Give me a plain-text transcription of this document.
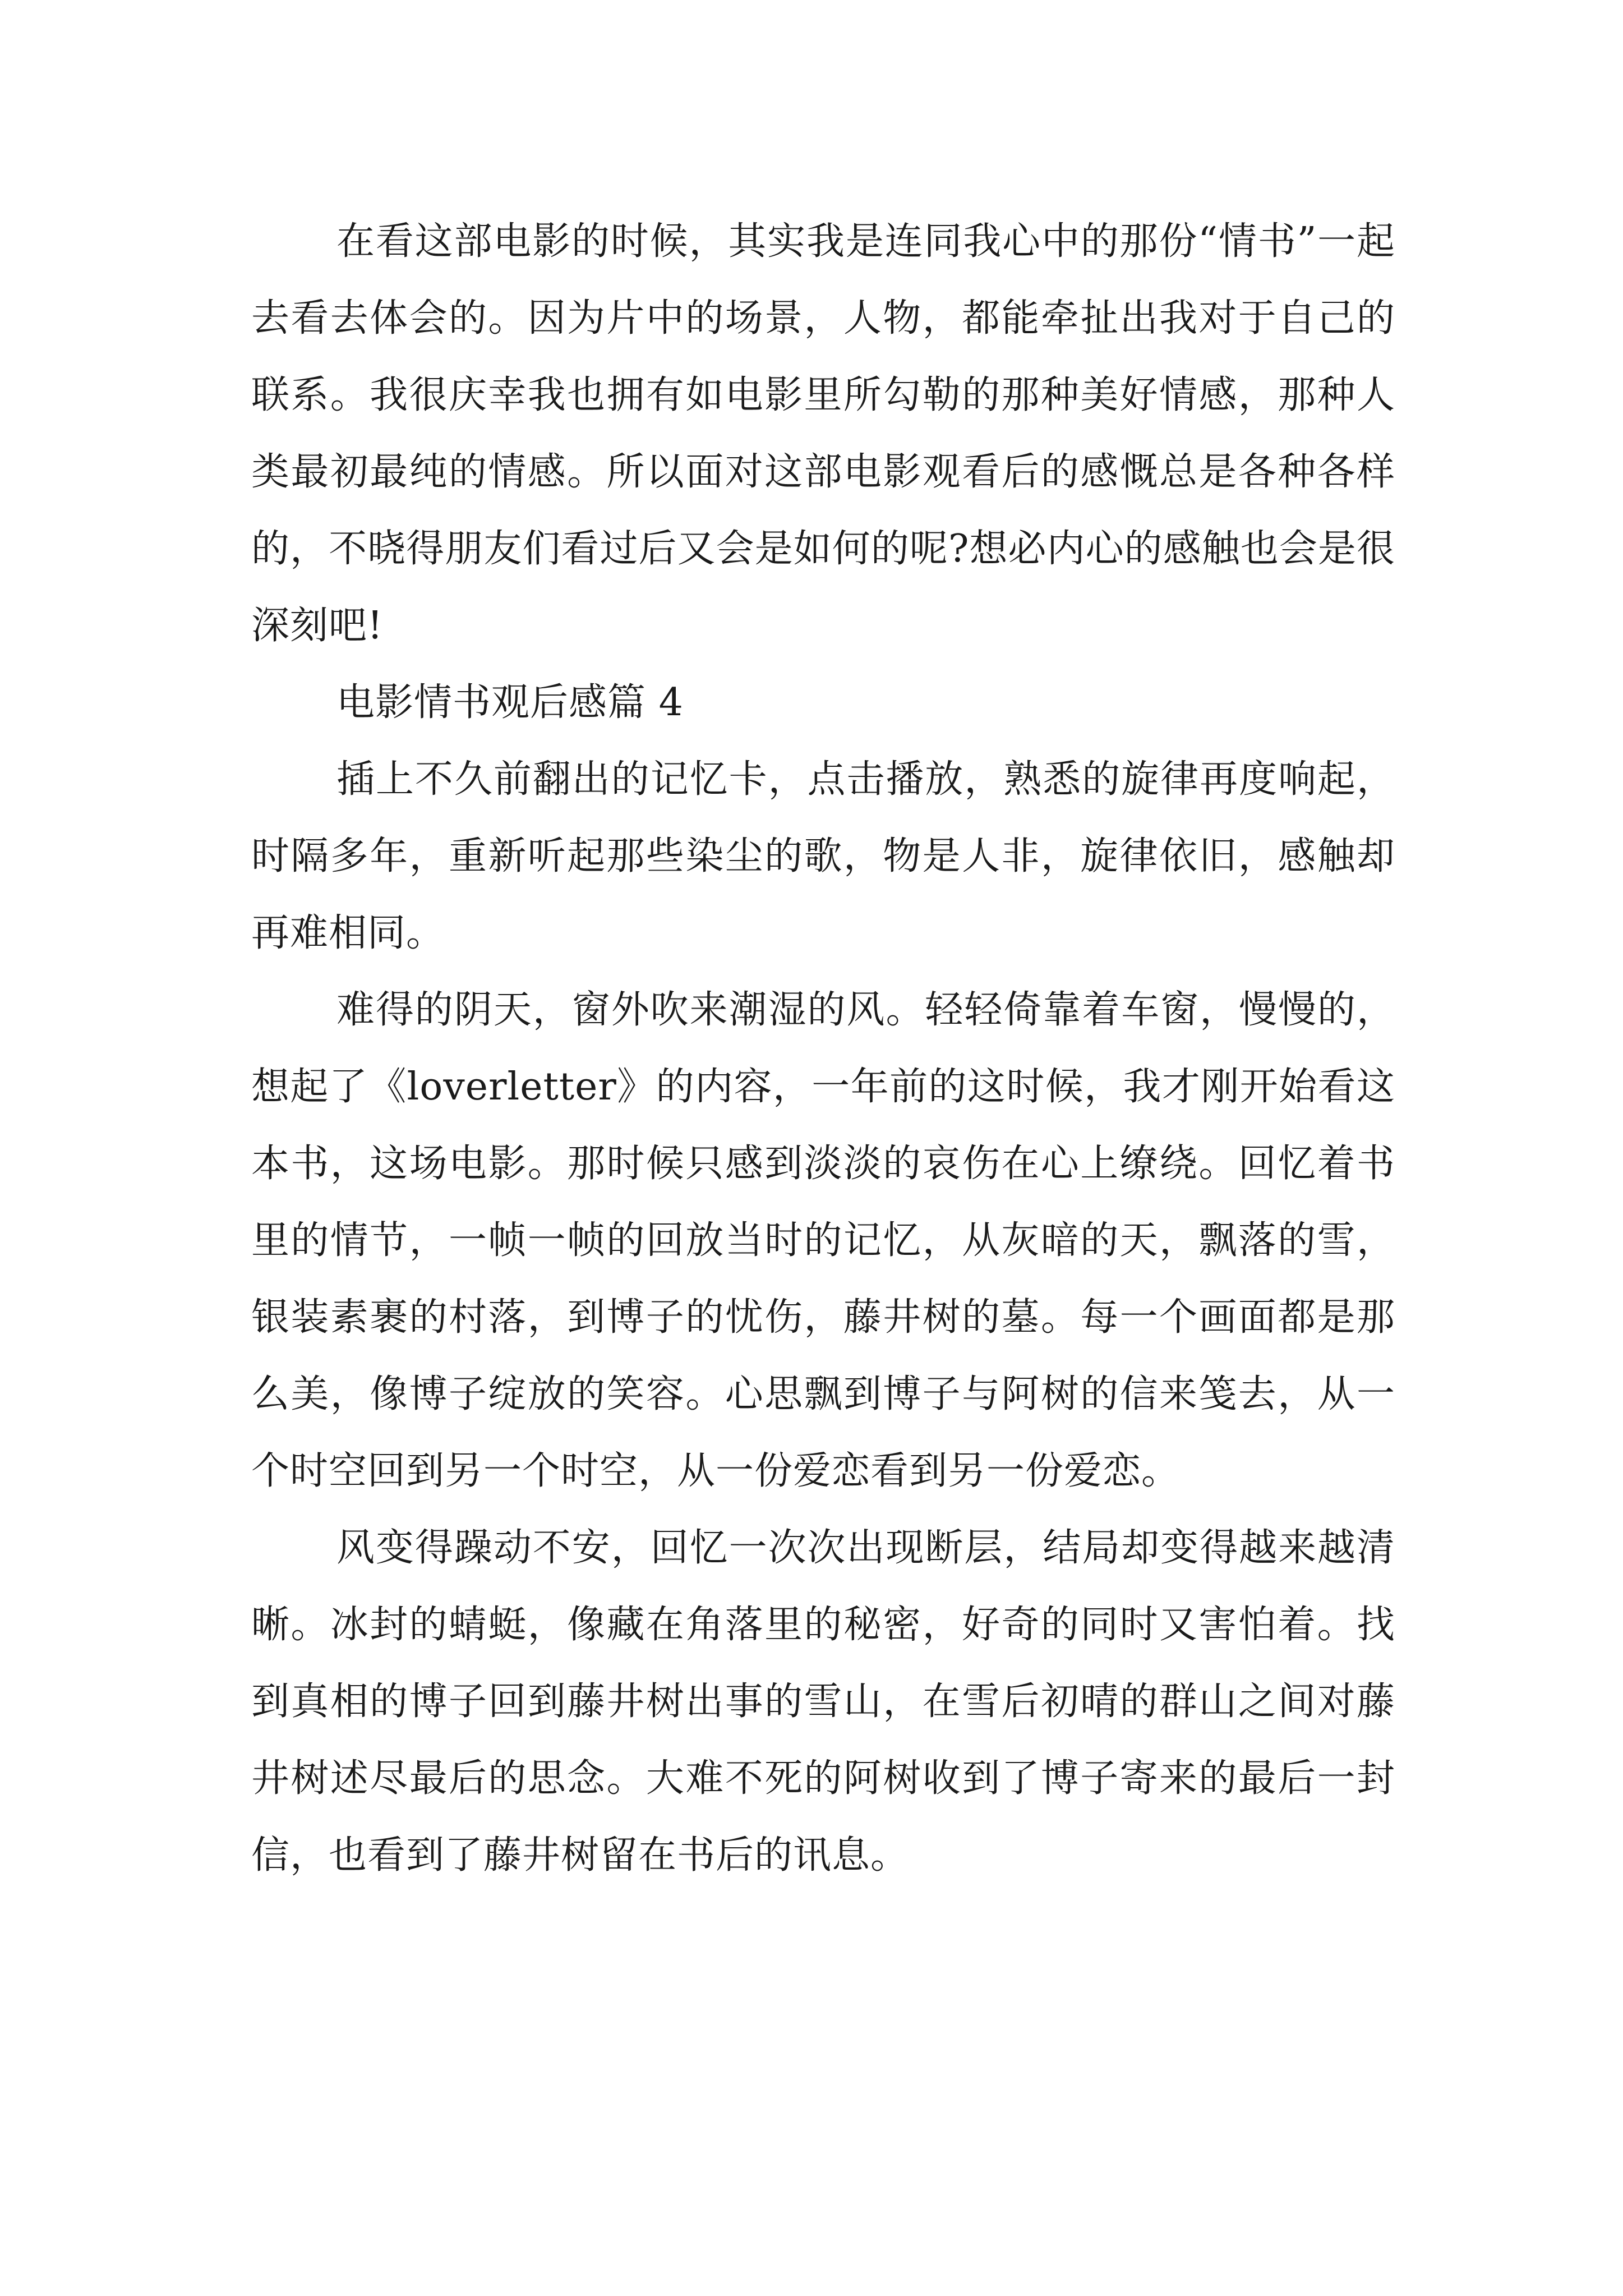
在看这部电影的时候，其实我是连同我心中的那份“情书”一起去看去体会的。因为片中的场景，人物，都能牵扯出我对于自己的联系。我很庆幸我也拥有如电影里所勾勒的那种美好情感，那种人类最初最纯的情感。所以面对这部电影观看后的感慨总是各种各样的，不晓得朋友们看过后又会是如何的呢?想必内心的感触也会是很深刻吧!

电影情书观后感篇 4

插上不久前翻出的记忆卡，点击播放，熟悉的旋律再度响起，时隔多年，重新听起那些染尘的歌，物是人非，旋律依旧，感触却再难相同。

难得的阴天，窗外吹来潮湿的风。轻轻倚靠着车窗，慢慢的，想起了《loverletter》的内容，一年前的这时候，我才刚开始看这本书，这场电影。那时候只感到淡淡的哀伤在心上缭绕。回忆着书里的情节，一帧一帧的回放当时的记忆，从灰暗的天，飘落的雪，银装素裹的村落，到博子的忧伤，藤井树的墓。每一个画面都是那么美，像博子绽放的笑容。心思飘到博子与阿树的信来笺去，从一个时空回到另一个时空，从一份爱恋看到另一份爱恋。

风变得躁动不安，回忆一次次出现断层，结局却变得越来越清晰。冰封的蜻蜓，像藏在角落里的秘密，好奇的同时又害怕着。找到真相的博子回到藤井树出事的雪山，在雪后初晴的群山之间对藤井树述尽最后的思念。大难不死的阿树收到了博子寄来的最后一封信，也看到了藤井树留在书后的讯息。
